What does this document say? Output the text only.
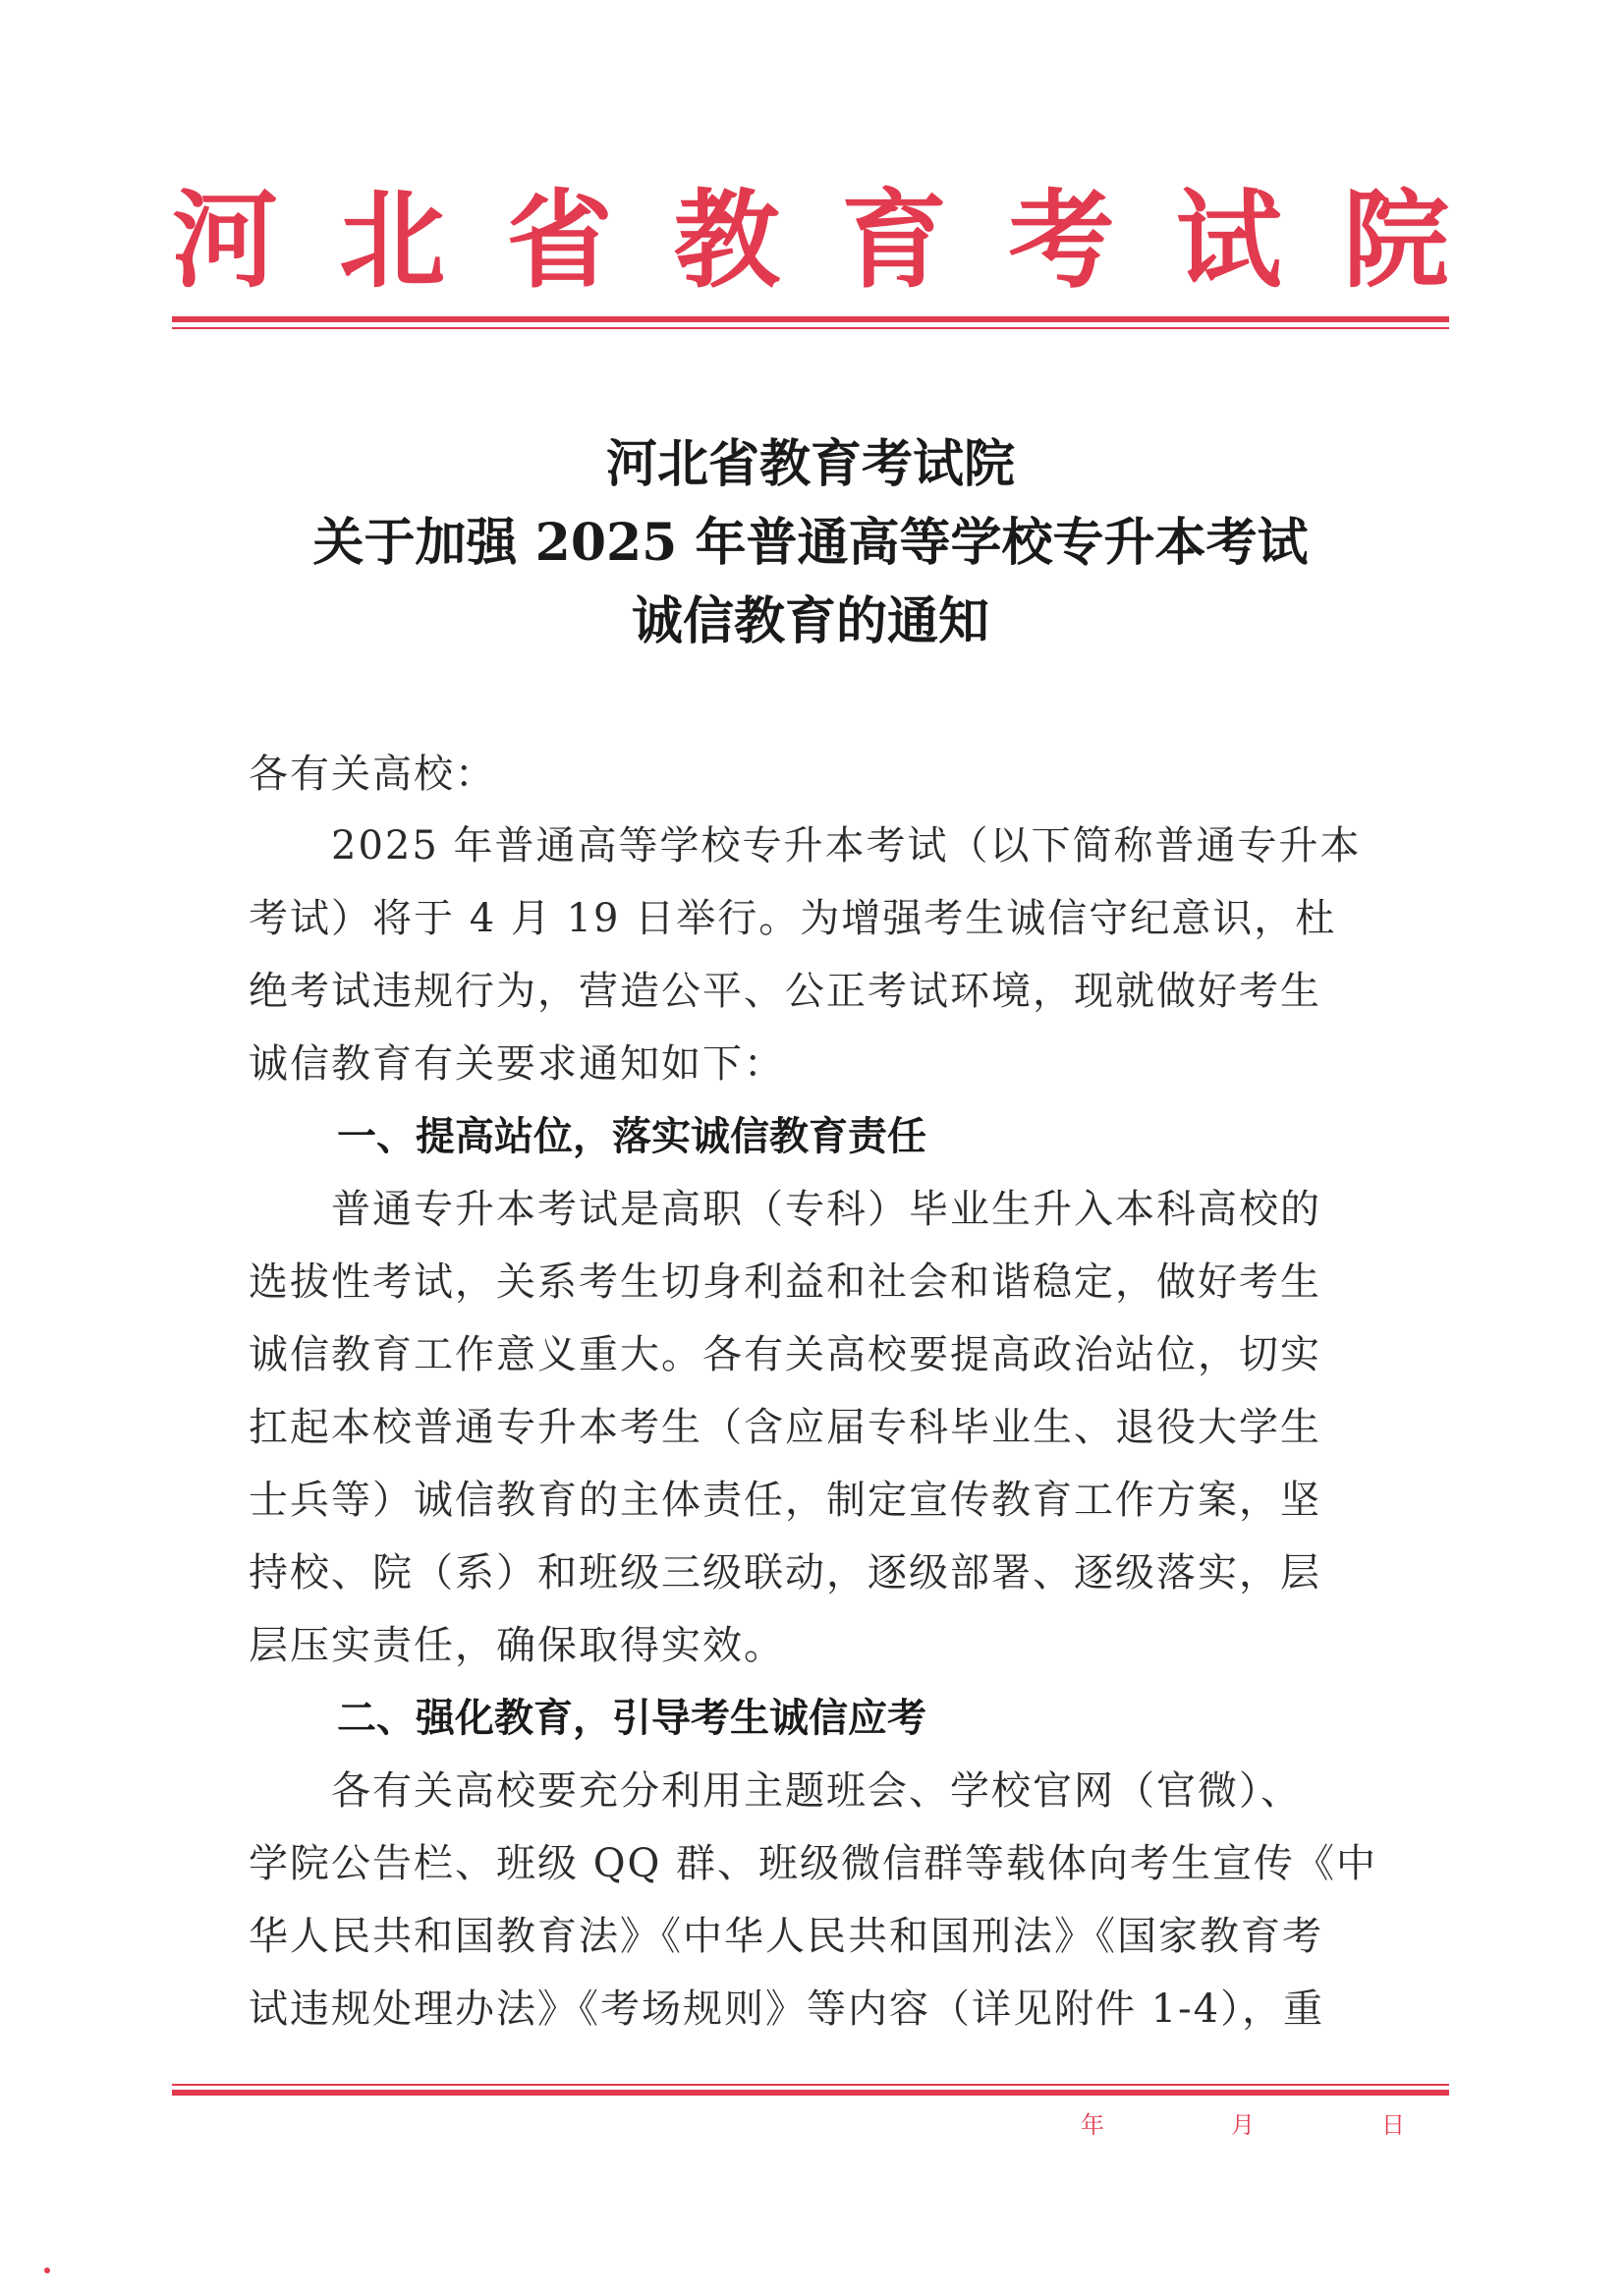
河 北 省 教 育 考 试 院
河北省教育考试院
关于加强 2025 年普通高等学校专升本考试
诚信教育的通知
各有关高校：
　　2025 年普通高等学校专升本考试（以下简称普通专升本
考试）将于 4 月 19 日举行。为增强考生诚信守纪意识，杜
绝考试违规行为，营造公平、公正考试环境，现就做好考生
诚信教育有关要求通知如下：
一、提高站位，落实诚信教育责任
　　普通专升本考试是高职（专科）毕业生升入本科高校的
选拔性考试，关系考生切身利益和社会和谐稳定，做好考生
诚信教育工作意义重大。各有关高校要提高政治站位，切实
扛起本校普通专升本考生（含应届专科毕业生、退役大学生
士兵等）诚信教育的主体责任，制定宣传教育工作方案，坚
持校、院（系）和班级三级联动，逐级部署、逐级落实，层
层压实责任，确保取得实效。
二、强化教育，引导考生诚信应考
　　各有关高校要充分利用主题班会、学校官网（官微）、
学院公告栏、班级 QQ 群、班级微信群等载体向考生宣传《中
华人民共和国教育法》《中华人民共和国刑法》《国家教育考
试违规处理办法》《考场规则》等内容（详见附件 1-4），重
年	月	日
